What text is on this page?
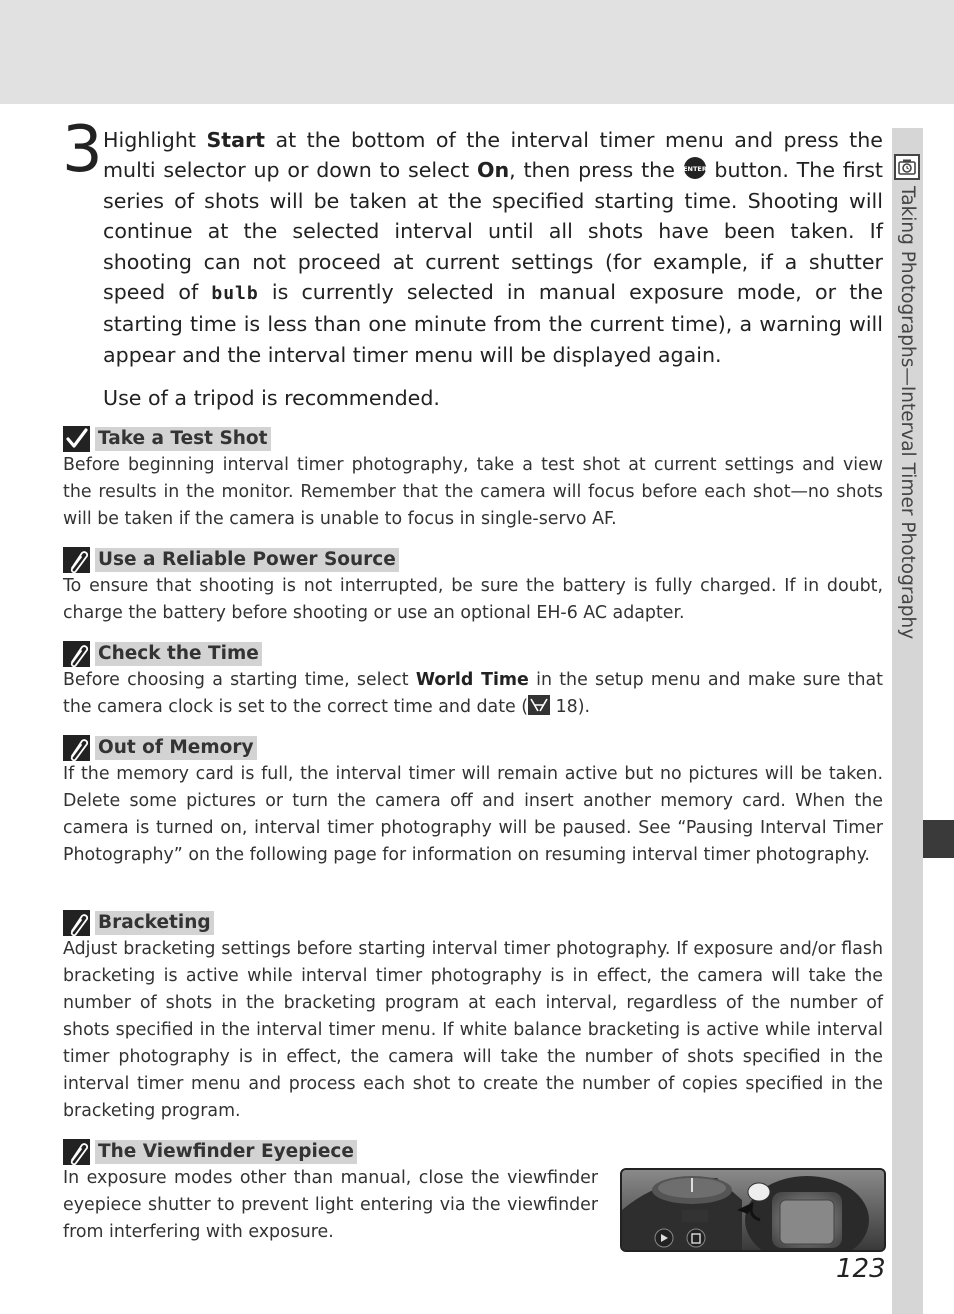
Taking Photographs—Interval Timer Photography
3 Highlight Start at the bottom of the interval timer menu and press the multi selector up or down to select On, then press the ENTER button. The first series of shots will be taken at the specified starting time. Shooting will continue at the selected interval until all shots have been taken. If shooting can not proceed at current settings (for example, if a shutter speed of bulb is currently selected in manual exposure mode, or the starting time is less than one minute from the current time), a warning will appear and the interval timer menu will be displayed again.

Use of a tripod is recommended.

Take a Test Shot

Before beginning interval timer photography, take a test shot at current settings and view the results in the monitor. Remember that the camera will focus before each shot—no shots will be taken if the camera is unable to focus in single-servo AF.

Use a Reliable Power Source

To ensure that shooting is not interrupted, be sure the battery is fully charged. If in doubt, charge the battery before shooting or use an optional EH-6 AC adapter.

Check the Time

Before choosing a starting time, select World Time in the setup menu and make sure that the camera clock is set to the correct time and date ( 18).

Out of Memory

If the memory card is full, the interval timer will remain active but no pictures will be taken. Delete some pictures or turn the camera off and insert another memory card. When the camera is turned on, interval timer photography will be paused. See “Pausing Interval Timer Photography” on the following page for information on resuming interval timer photography.

Bracketing

Adjust bracketing settings before starting interval timer photography. If exposure and/or flash bracketing is active while interval timer photography is in effect, the camera will take the number of shots in the bracketing program at each interval, regardless of the number of shots specified in the interval timer menu. If white balance bracketing is active while interval timer photography is in effect, the camera will take the number of shots specified in the interval timer menu and process each shot to create the number of copies specified in the bracketing program.

The Viewfinder Eyepiece

In exposure modes other than manual, close the viewfinder eyepiece shutter to prevent light entering via the viewfinder from interfering with exposure.

123
